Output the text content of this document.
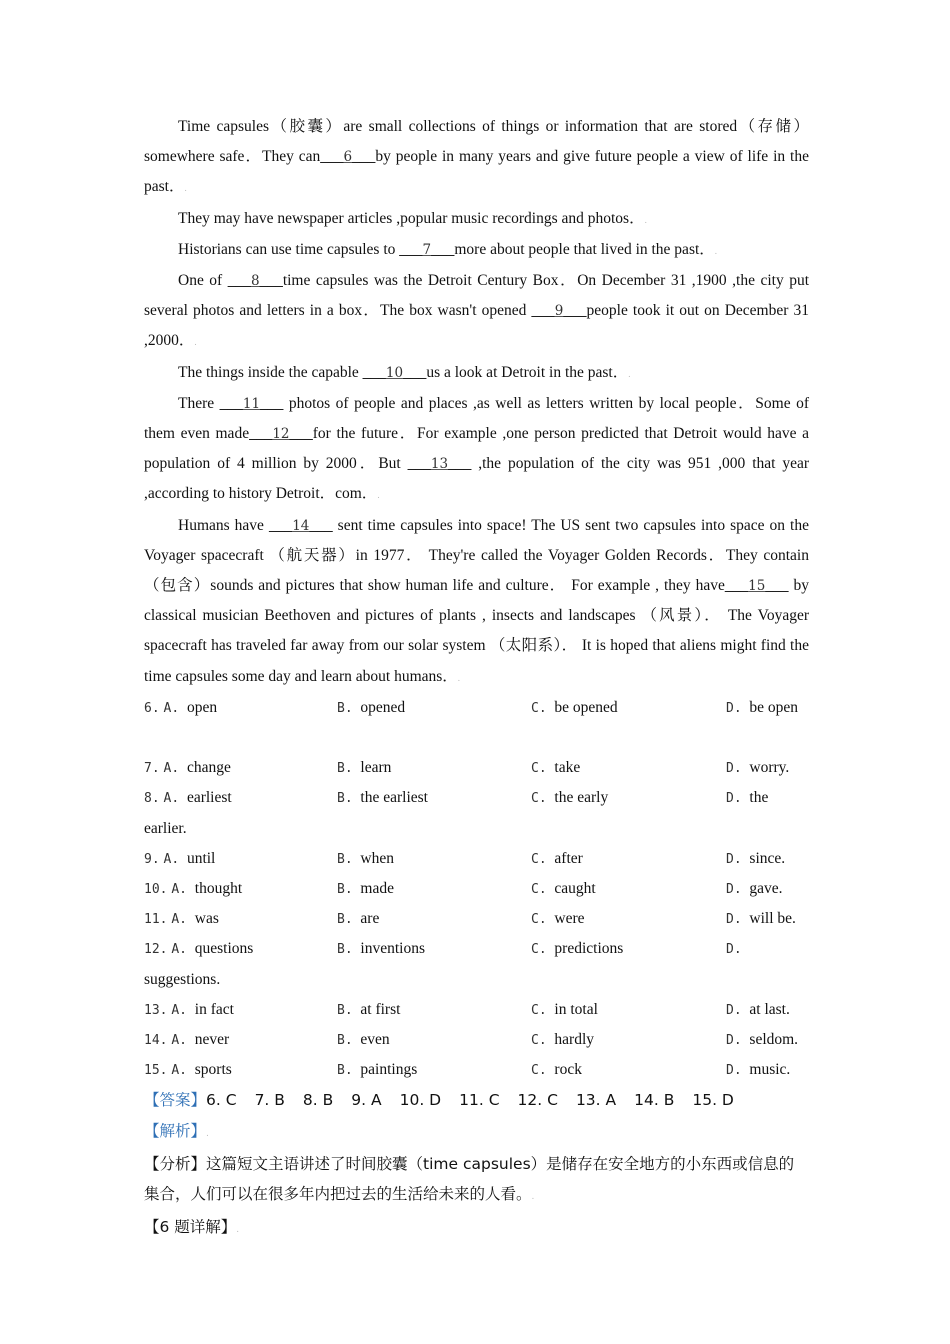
Time capsules（胶囊）are small collections of things or information that are stored（存储）somewhere safe．They can___6___by people in many years and give future people a view of life in the past．.

They may have newspaper articles ,popular music recordings and photos．.

Historians can use time capsules to ___7___more about people that lived in the past．.

One of ___8___time capsules was the Detroit Century Box．On December 31 ,1900 ,the city put several photos and letters in a box．The box wasn't opened ___9___people took it out on December 31 ,2000．.

The things inside the capable ___10___us a look at Detroit in the past．.

There ___11___ photos of people and places ,as well as letters written by local people．Some of them even made___12___for the future．For example ,one person predicted that Detroit would have a population of 4 million by 2000．But ___13___ ,the population of the city was 951 ,000 that year ,according to history Detroit．com．.

Humans have ___14___ sent time capsules into space! The US sent two capsules into space on the Voyager spacecraft （航天器）in 1977． They're called the Voyager Golden Records．They contain （包含）sounds and pictures that show human life and culture． For example , they have___15___ by classical musician Beethoven and pictures of plants , insects and landscapes （风景）． The Voyager spacecraft has traveled far away from our solar system （太阳系）． It is hoped that aliens might find the time capsules some day and learn about humans．.

6. A. open	B. opened	C. be opened	D. be open
7. A. change	B. learn	C. take	D. worry.
8. A. earliest	B. the earliest	C. the early	D. the
earlier.
9. A. until	B. when	C. after	D. since.
10. A. thought	B. made	C. caught	D. gave.
11. A. was	B. are	C. were	D. will be.
12. A. questions	B. inventions	C. predictions	D.
suggestions.
13. A. in fact	B. at first	C. in total	D. at last.
14. A. never	B. even	C. hardly	D. seldom.
15. A. sports	B. paintings	C. rock	D. music.
【答案】6. C 7. B 8. B 9. A 10. D 11. C 12. C 13. A 14. B 15. D
【解析】.
【分析】这篇短文主语讲述了时间胶囊（time capsules）是储存在安全地方的小东西或信息的集合，人们可以在很多年内把过去的生活给未来的人看。.
【6 题详解】.
